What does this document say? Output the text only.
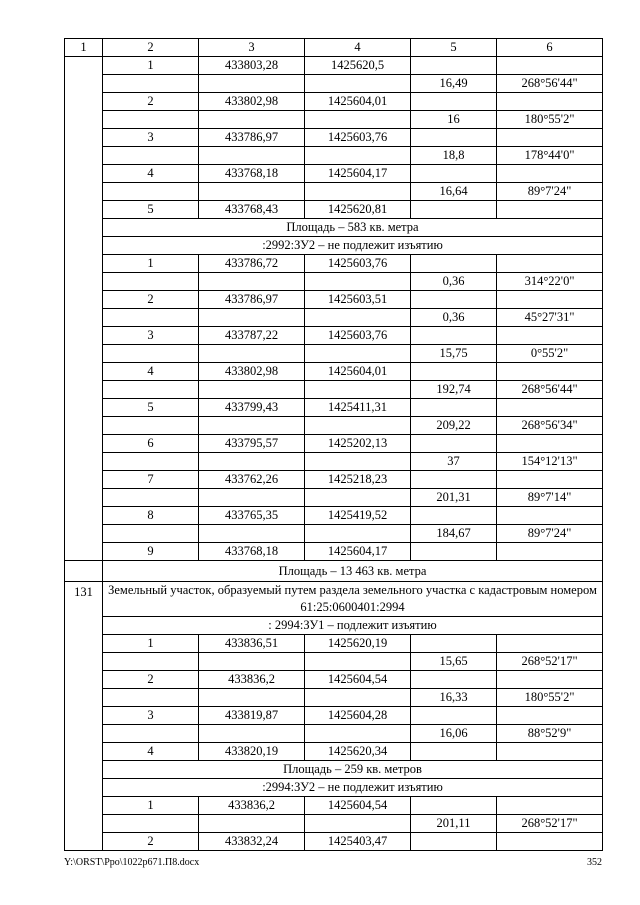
1	2	3	4	5	6
	1	433803,28	1425620,5		
				16,49	268°56'44"
	2	433802,98	1425604,01		
				16	180°55'2"
	3	433786,97	1425603,76		
				18,8	178°44'0"
	4	433768,18	1425604,17		
				16,64	89°7'24"
	5	433768,43	1425620,81		
	Площадь – 583 кв. метра				
	:2992:ЗУ2 – не подлежит изъятию				
	1	433786,72	1425603,76		
				0,36	314°22'0"
	2	433786,97	1425603,51		
				0,36	45°27'31"
	3	433787,22	1425603,76		
				15,75	0°55'2"
	4	433802,98	1425604,01		
				192,74	268°56'44"
	5	433799,43	1425411,31		
				209,22	268°56'34"
	6	433795,57	1425202,13		
				37	154°12'13"
	7	433762,26	1425218,23		
				201,31	89°7'14"
	8	433765,35	1425419,52		
				184,67	89°7'24"
	9	433768,18	1425604,17		
	Площадь – 13 463 кв. метра				
131	Земельный участок, образуемый путем раздела земельного участка с кадастровым номером 61:25:0600401:2994				
	: 2994:ЗУ1 – подлежит изъятию				
	1	433836,51	1425620,19		
				15,65	268°52'17"
	2	433836,2	1425604,54		
				16,33	180°55'2"
	3	433819,87	1425604,28		
				16,06	88°52'9"
	4	433820,19	1425620,34		
	Площадь – 259 кв. метров				
	:2994:ЗУ2 – не подлежит изъятию				
	1	433836,2	1425604,54		
				201,11	268°52'17"
	2	433832,24	1425403,47		
Y:\ORST\Ppo\1022p671.П8.docx	352
